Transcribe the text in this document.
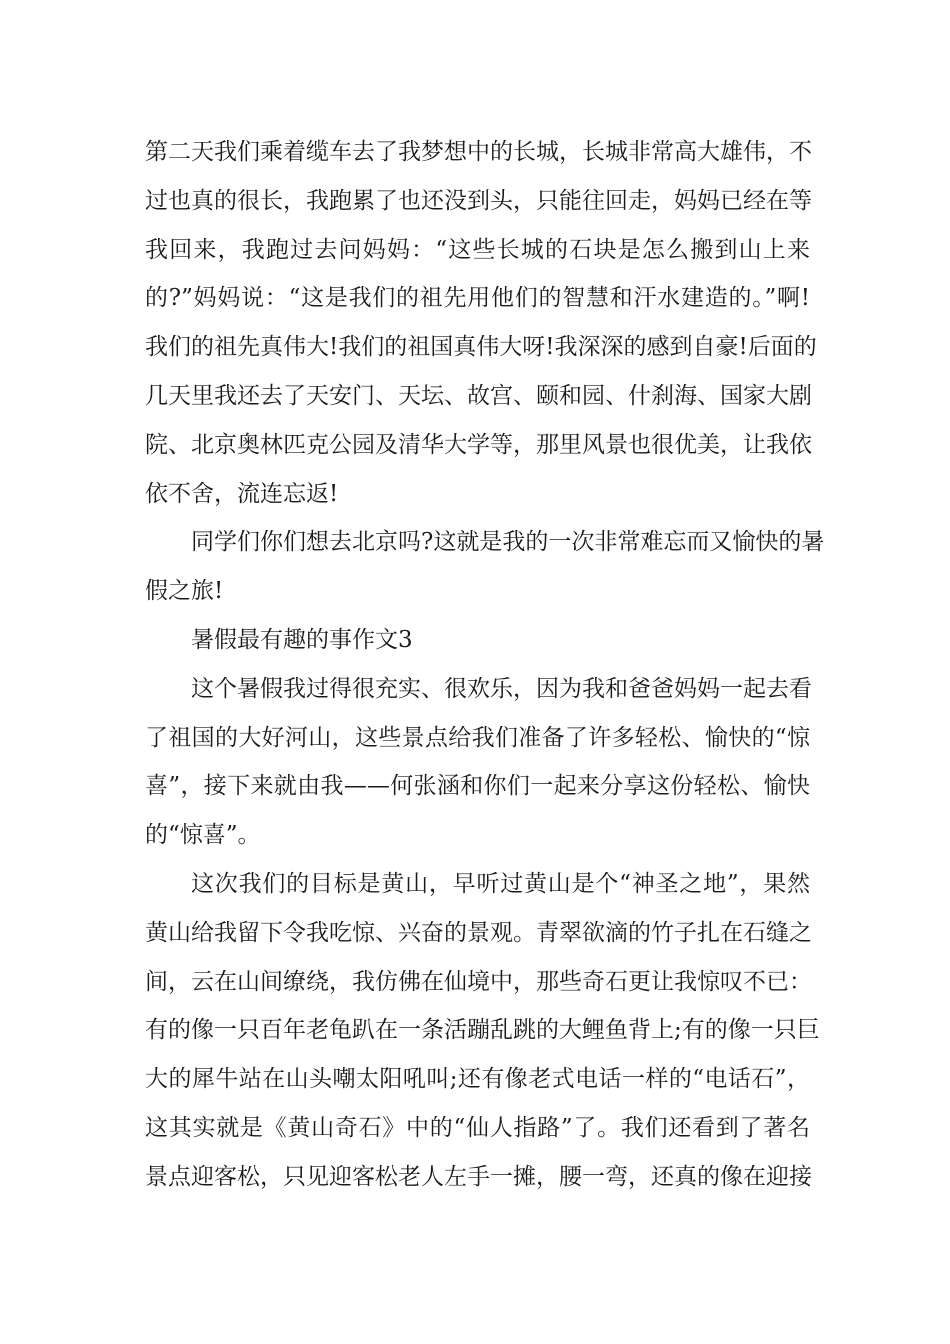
第二天我们乘着缆车去了我梦想中的长城，长城非常高大雄伟，不
过也真的很长，我跑累了也还没到头，只能往回走，妈妈已经在等
我回来，我跑过去问妈妈：“这些长城的石块是怎么搬到山上来
的?”妈妈说：“这是我们的祖先用他们的智慧和汗水建造的。”啊!
我们的祖先真伟大!我们的祖国真伟大呀!我深深的感到自豪!后面的
几天里我还去了天安门、天坛、故宫、颐和园、什刹海、国家大剧
院、北京奥林匹克公园及清华大学等，那里风景也很优美，让我依
依不舍，流连忘返!
同学们你们想去北京吗?这就是我的一次非常难忘而又愉快的暑
假之旅!
暑假最有趣的事作文3
这个暑假我过得很充实、很欢乐，因为我和爸爸妈妈一起去看
了祖国的大好河山，这些景点给我们准备了许多轻松、愉快的“惊
喜”，接下来就由我——何张涵和你们一起来分享这份轻松、愉快
的“惊喜”。
这次我们的目标是黄山，早听过黄山是个“神圣之地”，果然
黄山给我留下令我吃惊、兴奋的景观。青翠欲滴的竹子扎在石缝之
间，云在山间缭绕，我仿佛在仙境中，那些奇石更让我惊叹不已：
有的像一只百年老龟趴在一条活蹦乱跳的大鲤鱼背上;有的像一只巨
大的犀牛站在山头嘲太阳吼叫;还有像老式电话一样的“电话石”，
这其实就是《黄山奇石》中的“仙人指路”了。我们还看到了著名
景点迎客松，只见迎客松老人左手一摊，腰一弯，还真的像在迎接
